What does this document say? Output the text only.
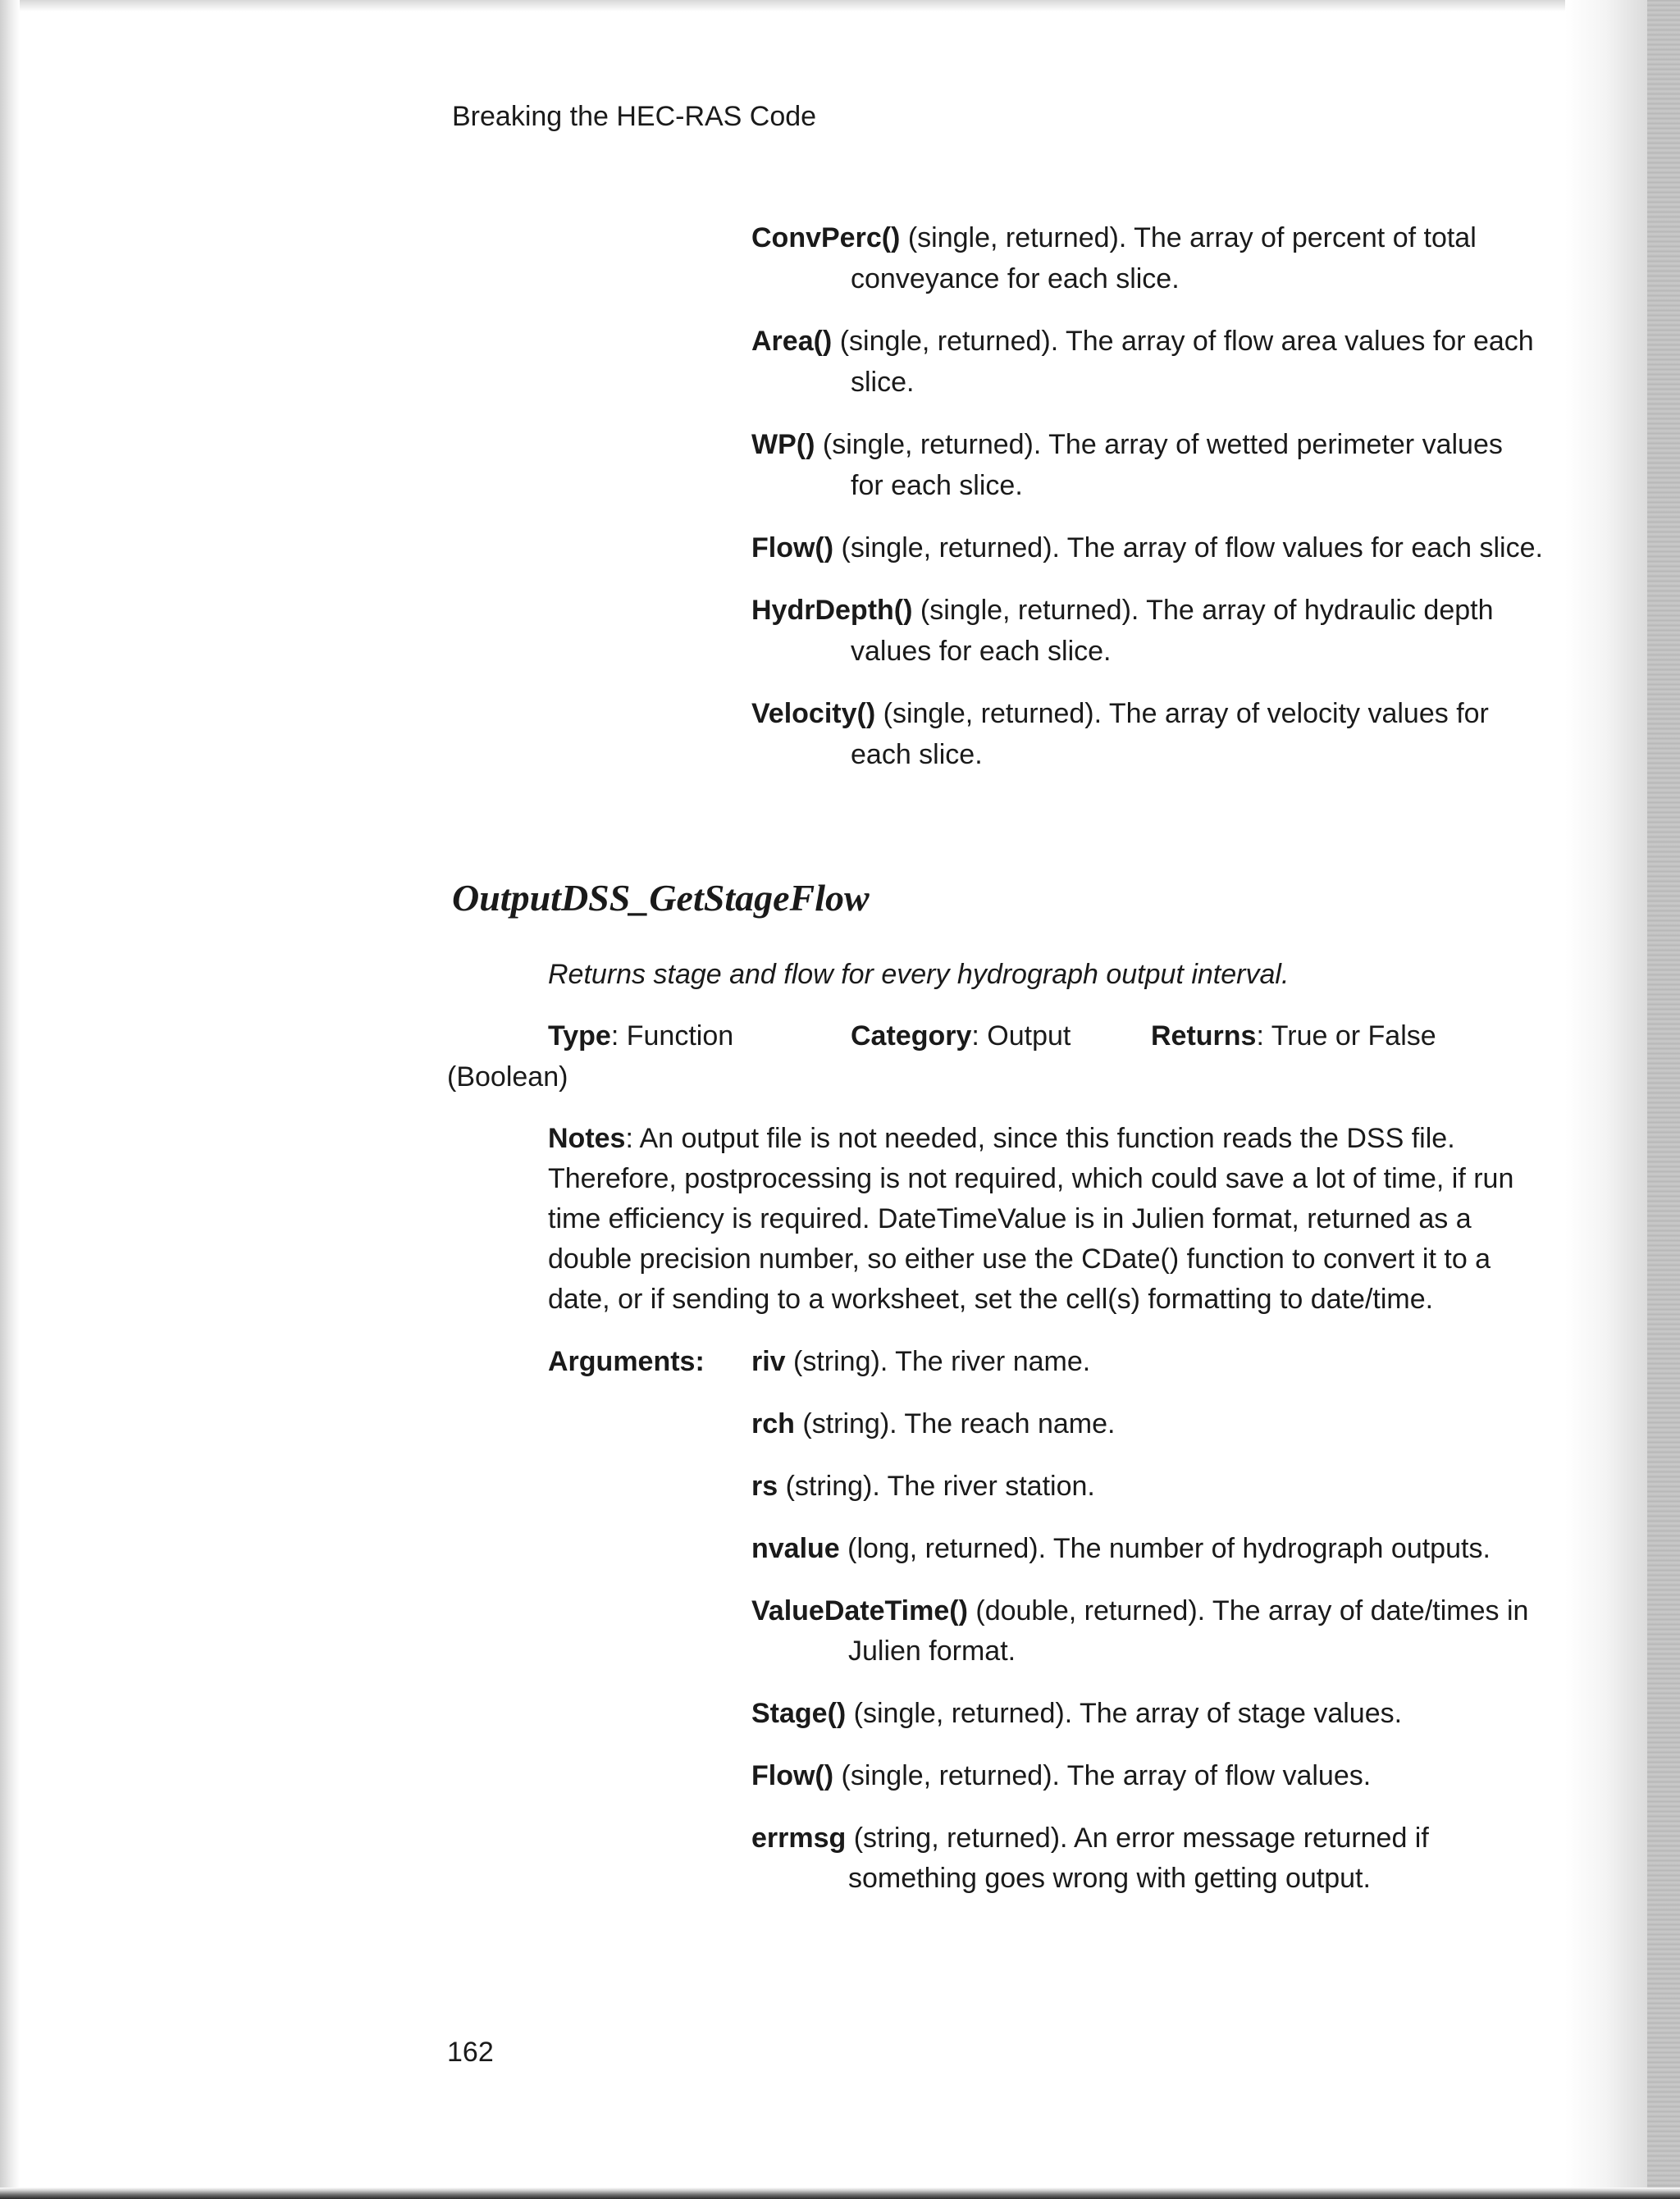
Breaking the HEC-RAS Code
ConvPerc() (single, returned). The array of percent of total
conveyance for each slice.
Area() (single, returned). The array of flow area values for each
slice.
WP() (single, returned). The array of wetted perimeter values
for each slice.
Flow() (single, returned). The array of flow values for each slice.
HydrDepth() (single, returned). The array of hydraulic depth
values for each slice.
Velocity() (single, returned). The array of velocity values for
each slice.
OutputDSS_GetStageFlow
Returns stage and flow for every hydrograph output interval.
Type: Function	Category: Output	Returns: True or False
(Boolean)
Notes: An output file is not needed, since this function reads the DSS file.
Therefore, postprocessing is not required, which could save a lot of time, if run
time efficiency is required. DateTimeValue is in Julien format, returned as a
double precision number, so either use the CDate() function to convert it to a
date, or if sending to a worksheet, set the cell(s) formatting to date/time.
Arguments: riv (string). The river name.
rch (string). The reach name.
rs (string). The river station.
nvalue (long, returned). The number of hydrograph outputs.
ValueDateTime() (double, returned). The array of date/times in
Julien format.
Stage() (single, returned). The array of stage values.
Flow() (single, returned). The array of flow values.
errmsg (string, returned). An error message returned if
something goes wrong with getting output.
162
